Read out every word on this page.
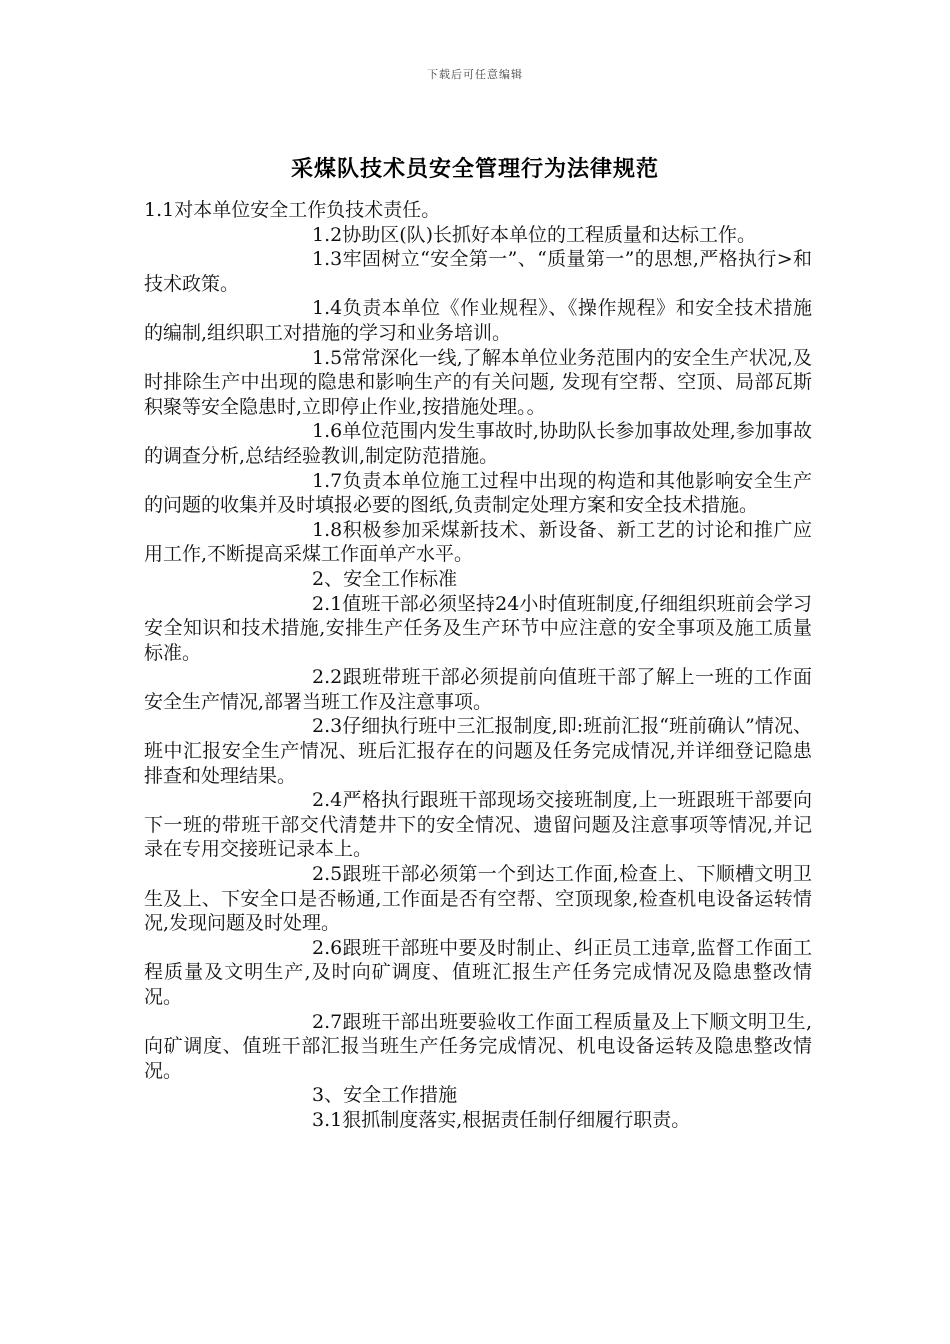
下载后可任意编辑
采煤队技术员安全管理行为法律规范

1.1对本单位安全工作负技术责任。

1.2协助区(队)长抓好本单位的工程质量和达标工作。

1.3牢固树立“安全第一”、“质量第一”的思想,严格执行>和技术政策。

1.4负责本单位《作业规程》、《操作规程》和安全技术措施的编制,组织职工对措施的学习和业务培训。

1.5常常深化一线,了解本单位业务范围内的安全生产状况,及时排除生产中出现的隐患和影响生产的有关问题, 发现有空帮、空顶、局部瓦斯积聚等安全隐患时,立即停止作业,按措施处理。。

1.6单位范围内发生事故时,协助队长参加事故处理,参加事故的调查分析,总结经验教训,制定防范措施。

1.7负责本单位施工过程中出现的构造和其他影响安全生产的问题的收集并及时填报必要的图纸,负责制定处理方案和安全技术措施。

1.8积极参加采煤新技术、新设备、新工艺的讨论和推广应用工作,不断提高采煤工作面单产水平。

2、安全工作标准

2.1值班干部必须坚持24小时值班制度,仔细组织班前会学习安全知识和技术措施,安排生产任务及生产环节中应注意的安全事项及施工质量标准。

2.2跟班带班干部必须提前向值班干部了解上一班的工作面安全生产情况,部署当班工作及注意事项。

2.3仔细执行班中三汇报制度,即:班前汇报“班前确认”情况、班中汇报安全生产情况、班后汇报存在的问题及任务完成情况,并详细登记隐患排查和处理结果。

2.4严格执行跟班干部现场交接班制度,上一班跟班干部要向下一班的带班干部交代清楚井下的安全情况、遗留问题及注意事项等情况,并记录在专用交接班记录本上。

2.5跟班干部必须第一个到达工作面,检查上、下顺槽文明卫生及上、下安全口是否畅通,工作面是否有空帮、空顶现象,检查机电设备运转情况,发现问题及时处理。

2.6跟班干部班中要及时制止、纠正员工违章,监督工作面工程质量及文明生产,及时向矿调度、值班汇报生产任务完成情况及隐患整改情况。

2.7跟班干部出班要验收工作面工程质量及上下顺文明卫生,向矿调度、值班干部汇报当班生产任务完成情况、机电设备运转及隐患整改情况。

3、安全工作措施

3.1狠抓制度落实,根据责任制仔细履行职责。
